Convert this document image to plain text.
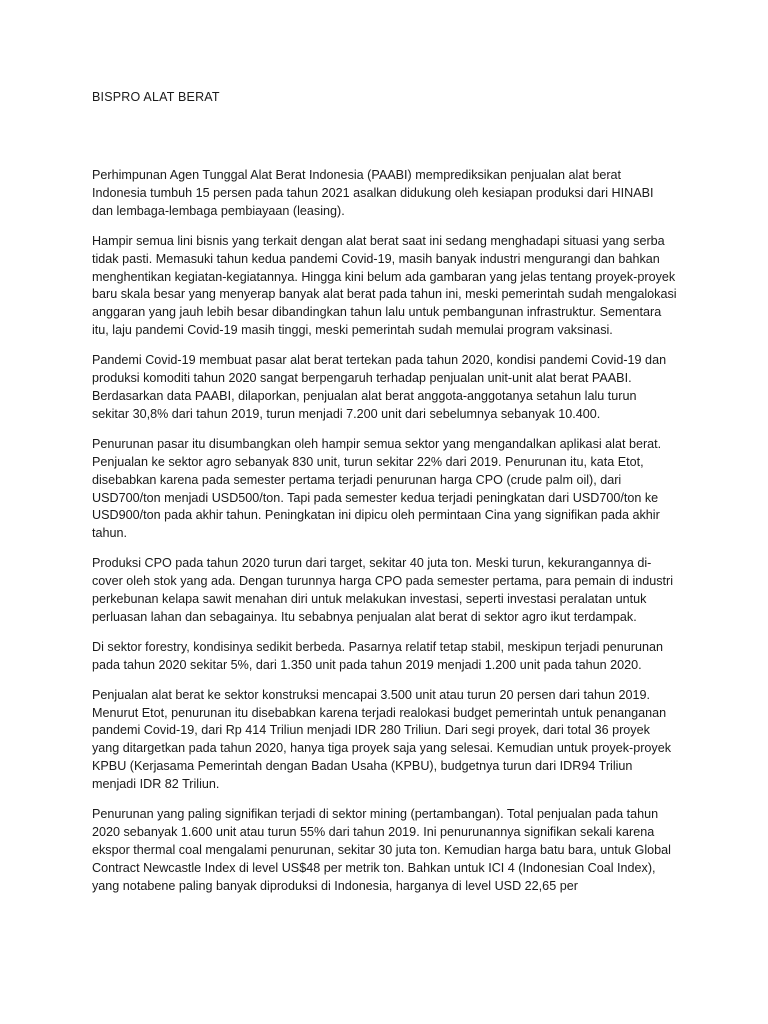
BISPRO ALAT BERAT

Perhimpunan Agen Tunggal Alat Berat Indonesia (PAABI) memprediksikan penjualan alat berat Indonesia tumbuh 15 persen pada tahun 2021 asalkan didukung oleh kesiapan produksi dari HINABI dan lembaga-lembaga pembiayaan (leasing).

Hampir semua lini bisnis yang terkait dengan alat berat saat ini sedang menghadapi situasi yang serba tidak pasti. Memasuki tahun kedua pandemi Covid-19, masih banyak industri mengurangi dan bahkan menghentikan kegiatan-kegiatannya. Hingga kini belum ada gambaran yang jelas tentang proyek-proyek baru skala besar yang menyerap banyak alat berat pada tahun ini, meski pemerintah sudah mengalokasi anggaran yang jauh lebih besar dibandingkan tahun lalu untuk pembangunan infrastruktur. Sementara itu, laju pandemi Covid-19 masih tinggi, meski pemerintah sudah memulai program vaksinasi.

Pandemi Covid-19 membuat pasar alat berat tertekan pada tahun 2020, kondisi pandemi Covid-19 dan produksi komoditi tahun 2020 sangat berpengaruh terhadap penjualan unit-unit alat berat PAABI. Berdasarkan data PAABI, dilaporkan, penjualan alat berat anggota-anggotanya setahun lalu turun sekitar 30,8% dari tahun 2019, turun menjadi 7.200 unit dari sebelumnya sebanyak 10.400.

Penurunan pasar itu disumbangkan oleh hampir semua sektor yang mengandalkan aplikasi alat berat. Penjualan ke sektor agro sebanyak 830 unit, turun sekitar 22% dari 2019. Penurunan itu, kata Etot, disebabkan karena pada semester pertama terjadi penurunan harga CPO (crude palm oil), dari USD700/ton menjadi USD500/ton. Tapi pada semester kedua terjadi peningkatan dari USD700/ton ke USD900/ton pada akhir tahun. Peningkatan ini dipicu oleh permintaan Cina yang signifikan pada akhir tahun.

Produksi CPO pada tahun 2020 turun dari target, sekitar 40 juta ton. Meski turun, kekurangannya di-cover oleh stok yang ada. Dengan turunnya harga CPO pada semester pertama, para pemain di industri perkebunan kelapa sawit menahan diri untuk melakukan investasi, seperti investasi peralatan untuk perluasan lahan dan sebagainya. Itu sebabnya penjualan alat berat di sektor agro ikut terdampak.

Di sektor forestry, kondisinya sedikit berbeda. Pasarnya relatif tetap stabil, meskipun terjadi penurunan pada tahun 2020 sekitar 5%, dari 1.350 unit pada tahun 2019 menjadi 1.200 unit pada tahun 2020.

Penjualan alat berat ke sektor konstruksi mencapai 3.500 unit atau turun 20 persen dari tahun 2019. Menurut Etot, penurunan itu disebabkan karena terjadi realokasi budget pemerintah untuk penanganan pandemi Covid-19, dari Rp 414 Triliun menjadi IDR 280 Triliun. Dari segi proyek, dari total 36 proyek yang ditargetkan pada tahun 2020, hanya tiga proyek saja yang selesai. Kemudian untuk proyek-proyek KPBU (Kerjasama Pemerintah dengan Badan Usaha (KPBU), budgetnya turun dari IDR94 Triliun menjadi IDR 82 Triliun.

Penurunan yang paling signifikan terjadi di sektor mining (pertambangan). Total penjualan pada tahun 2020 sebanyak 1.600 unit atau turun 55% dari tahun 2019. Ini penurunannya signifikan sekali karena ekspor thermal coal mengalami penurunan, sekitar 30 juta ton. Kemudian harga batu bara, untuk Global Contract Newcastle Index di level US$48 per metrik ton. Bahkan untuk ICI 4 (Indonesian Coal Index), yang notabene paling banyak diproduksi di Indonesia, harganya di level USD 22,65 per
